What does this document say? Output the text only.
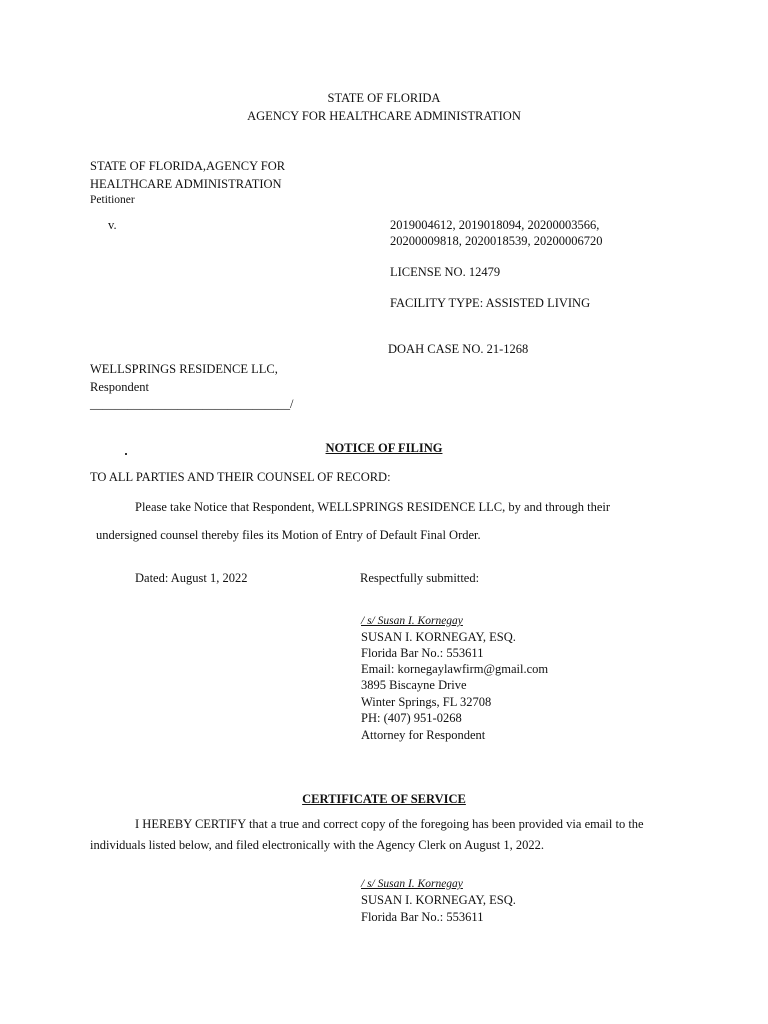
STATE OF FLORIDA
AGENCY FOR HEALTHCARE ADMINISTRATION
STATE OF FLORIDA,AGENCY FOR
HEALTHCARE ADMINISTRATION
Petitioner
v.	2019004612, 2019018094, 20200003566,
20200009818, 2020018539, 20200006720
LICENSE NO. 12479
FACILITY TYPE: ASSISTED LIVING
DOAH CASE NO. 21-1268
WELLSPRINGS RESIDENCE LLC,
Respondent
________________________________/
NOTICE OF FILING
TO ALL PARTIES AND THEIR COUNSEL OF RECORD:
Please take Notice that Respondent, WELLSPRINGS RESIDENCE LLC, by and through their
undersigned counsel thereby files its Motion of Entry of Default Final Order.
Dated: August 1, 2022	Respectfully submitted:
/ s/ Susan I. Kornegay
SUSAN I. KORNEGAY, ESQ.
Florida Bar No.: 553611
Email: kornegaylawfirm@gmail.com
3895 Biscayne Drive
Winter Springs, FL 32708
PH: (407) 951-0268
Attorney for Respondent
CERTIFICATE OF SERVICE
I HEREBY CERTIFY that a true and correct copy of the foregoing has been provided via email to the
individuals listed below, and filed electronically with the Agency Clerk on August 1, 2022.
/ s/ Susan I. Kornegay
SUSAN I. KORNEGAY, ESQ.
Florida Bar No.: 553611
